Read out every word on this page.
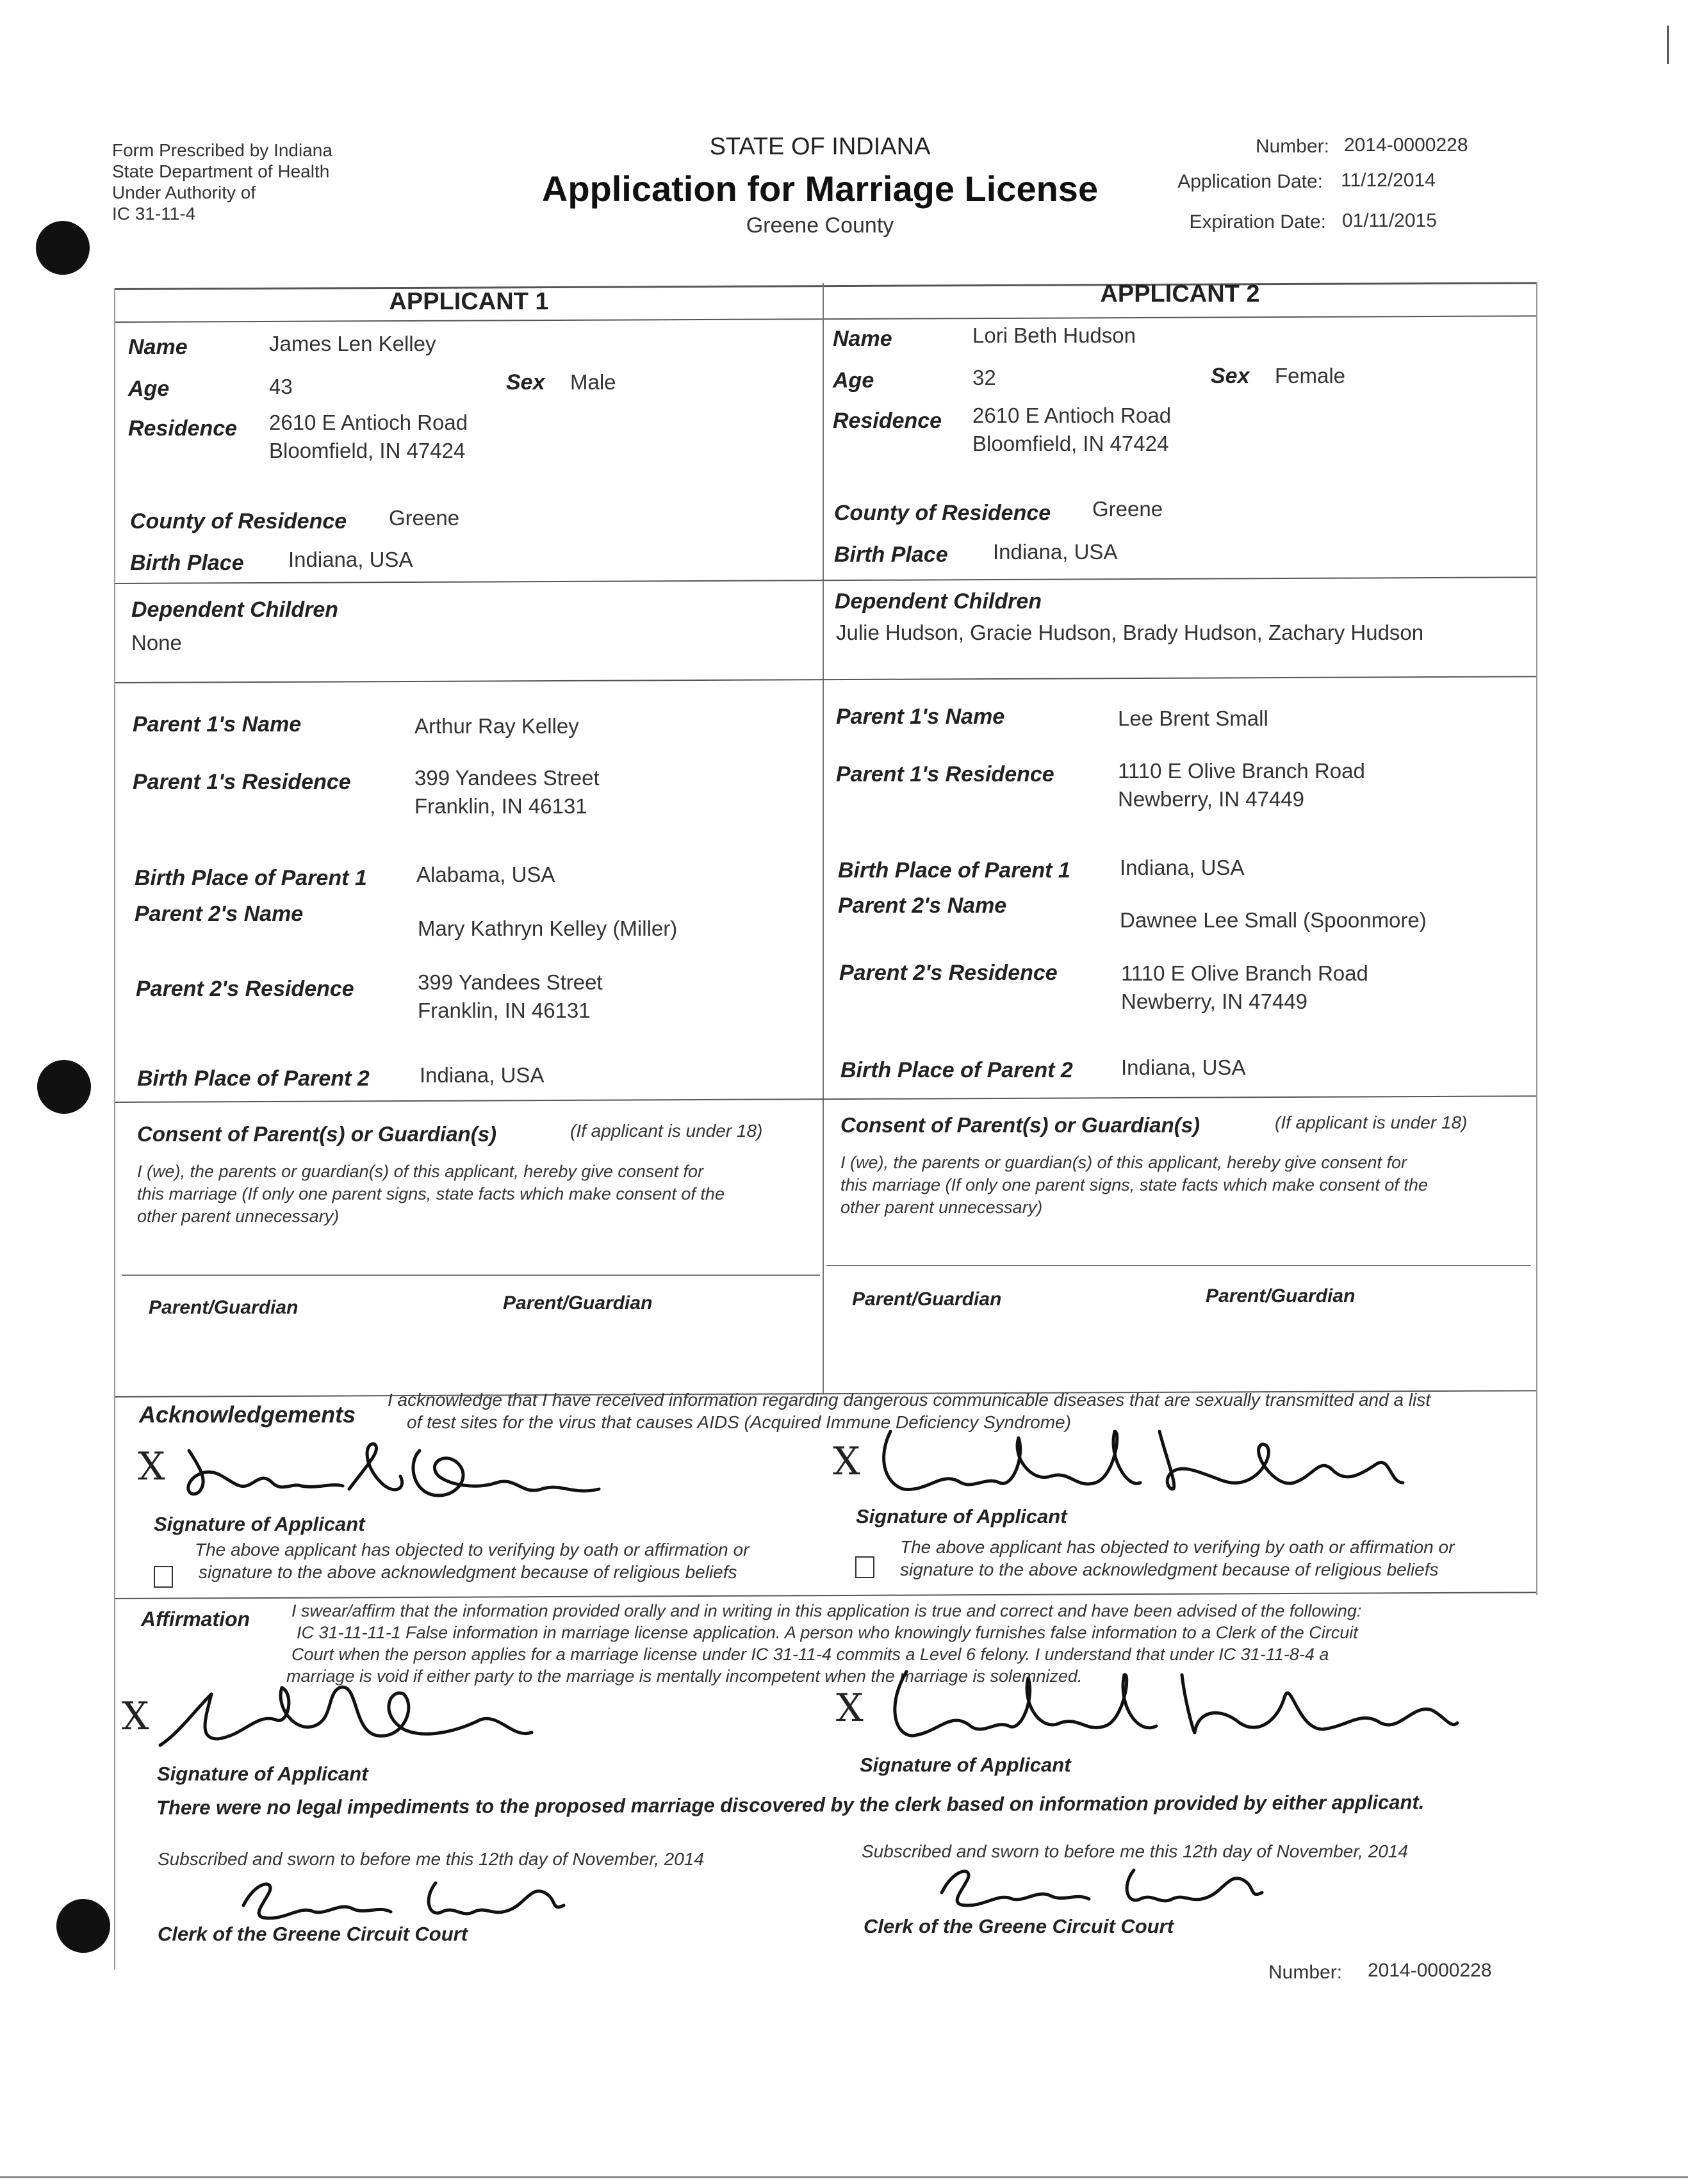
Form Prescribed by Indiana
State Department of Health
Under Authority of
IC 31-11-4
STATE OF INDIANA
Application for Marriage License
Greene County
Number: 2014-0000228
Application Date: 11/12/2014
Expiration Date: 01/11/2015
APPLICANT 1	APPLICANT 2
Name	James Len Kelley
Age	43	Sex Male
Residence 2610 E Antioch Road
Bloomfield, IN 47424
County of Residence Greene
Birth Place Indiana, USA
Dependent Children
None
Parent 1's Name	Arthur Ray Kelley
Parent 1's Residence	399 Yandees Street
Franklin, IN 46131
Birth Place of Parent 1 Alabama, USA
Parent 2's Name
Mary Kathryn Kelley (Miller)
Parent 2's Residence	399 Yandees Street
Franklin, IN 46131
Birth Place of Parent 2 Indiana, USA
Consent of Parent(s) or Guardian(s)	(If applicant is under 18)
I (we), the parents or guardian(s) of this applicant, hereby give consent for
this marriage (If only one parent signs, state facts which make consent of the
other parent unnecessary)
Parent/Guardian	Parent/Guardian
Name	Lori Beth Hudson
Age	32	Sex Female
Residence 2610 E Antioch Road
Bloomfield, IN 47424
County of Residence Greene
Birth Place Indiana, USA
Dependent Children
Julie Hudson, Gracie Hudson, Brady Hudson, Zachary Hudson
Parent 1's Name	Lee Brent Small
Parent 1's Residence	1110 E Olive Branch Road
Newberry, IN 47449
Birth Place of Parent 1 Indiana, USA
Parent 2's Name
Dawnee Lee Small (Spoonmore)
Parent 2's Residence	1110 E Olive Branch Road
Newberry, IN 47449
Birth Place of Parent 2 Indiana, USA
Consent of Parent(s) or Guardian(s)	(If applicant is under 18)
I (we), the parents or guardian(s) of this applicant, hereby give consent for
this marriage (If only one parent signs, state facts which make consent of the
other parent unnecessary)
Parent/Guardian	Parent/Guardian
Acknowledgements
I acknowledge that I have received information regarding dangerous communicable diseases that are sexually transmitted and a list
of test sites for the virus that causes AIDS (Acquired Immune Deficiency Syndrome)
X	X
Signature of Applicant	Signature of Applicant
The above applicant has objected to verifying by oath or affirmation or
signature to the above acknowledgment because of religious beliefs
The above applicant has objected to verifying by oath or affirmation or
signature to the above acknowledgment because of religious beliefs
Affirmation I swear/affirm that the information provided orally and in writing in this application is true and correct and have been advised of the following:
IC 31-11-11-1 False information in marriage license application. A person who knowingly furnishes false information to a Clerk of the Circuit
Court when the person applies for a marriage license under IC 31-11-4 commits a Level 6 felony. I understand that under IC 31-11-8-4 a
marriage is void if either party to the marriage is mentally incompetent when the marriage is solemnized.
X	X
Signature of Applicant	Signature of Applicant
There were no legal impediments to the proposed marriage discovered by the clerk based on information provided by either applicant.
Subscribed and sworn to before me this 12th day of November, 2014	Subscribed and sworn to before me this 12th day of November, 2014
Clerk of the Greene Circuit Court	Clerk of the Greene Circuit Court
Number: 2014-0000228
